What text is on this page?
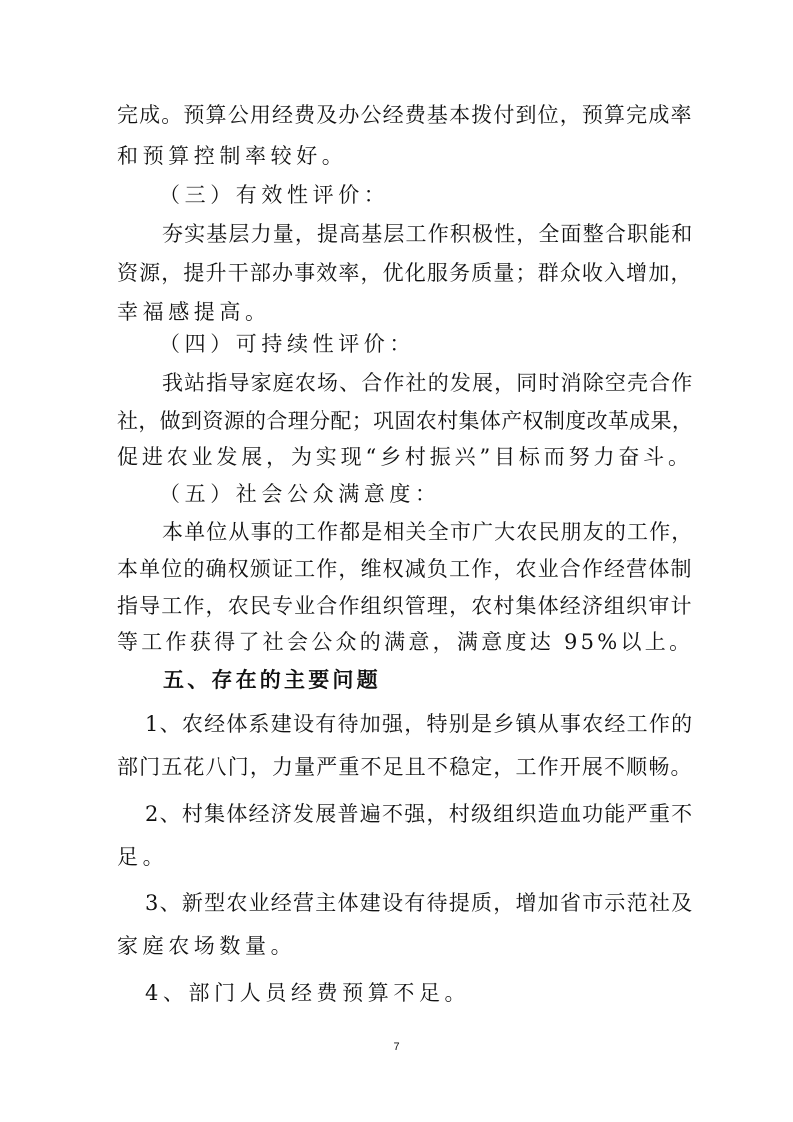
完成。预算公用经费及办公经费基本拨付到位，预算完成率
和预算控制率较好。
（三）有效性评价：
夯实基层力量，提高基层工作积极性，全面整合职能和
资源，提升干部办事效率，优化服务质量；群众收入增加，
幸福感提高。
（四）可持续性评价：
我站指导家庭农场、合作社的发展，同时消除空壳合作
社，做到资源的合理分配；巩固农村集体产权制度改革成果，
促进农业发展，为实现“乡村振兴”目标而努力奋斗。
（五）社会公众满意度：
本单位从事的工作都是相关全市广大农民朋友的工作，
本单位的确权颁证工作，维权减负工作，农业合作经营体制
指导工作，农民专业合作组织管理，农村集体经济组织审计
等工作获得了社会公众的满意，满意度达 95%以上。
五、存在的主要问题
1、农经体系建设有待加强，特别是乡镇从事农经工作的
部门五花八门，力量严重不足且不稳定，工作开展不顺畅。
2、村集体经济发展普遍不强，村级组织造血功能严重不
足。
3、新型农业经营主体建设有待提质，增加省市示范社及
家庭农场数量。
4、部门人员经费预算不足。
7
